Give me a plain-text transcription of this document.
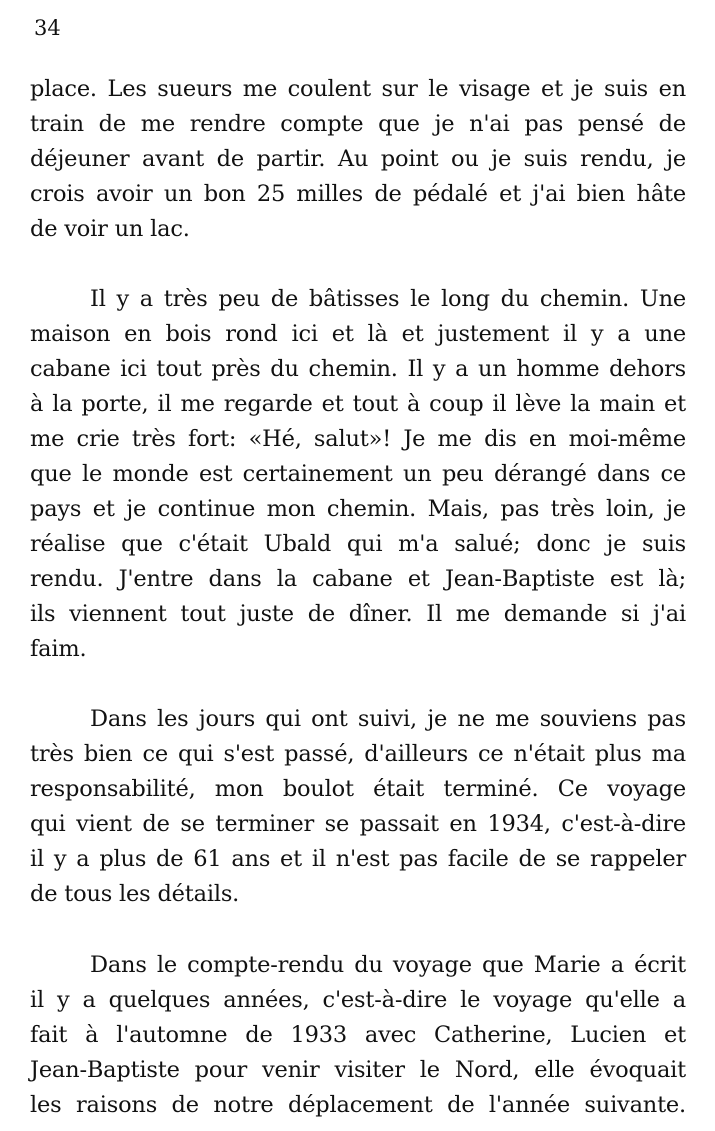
34
place. Les sueurs me coulent sur le visage et je suis en
train de me rendre compte que je n'ai pas pensé de
déjeuner avant de partir. Au point ou je suis rendu, je
crois avoir un bon 25 milles de pédalé et j'ai bien hâte
de voir un lac.
Il y a très peu de bâtisses le long du chemin. Une
maison en bois rond ici et là et justement il y a une
cabane ici tout près du chemin. Il y a un homme dehors
à la porte, il me regarde et tout à coup il lève la main et
me crie très fort: «Hé, salut»! Je me dis en moi-même
que le monde est certainement un peu dérangé dans ce
pays et je continue mon chemin. Mais, pas très loin, je
réalise que c'était Ubald qui m'a salué; donc je suis
rendu. J'entre dans la cabane et Jean-Baptiste est là;
ils viennent tout juste de dîner. Il me demande si j'ai
faim.
Dans les jours qui ont suivi, je ne me souviens pas
très bien ce qui s'est passé, d'ailleurs ce n'était plus ma
responsabilité, mon boulot était terminé. Ce voyage
qui vient de se terminer se passait en 1934, c'est-à-dire
il y a plus de 61 ans et il n'est pas facile de se rappeler
de tous les détails.
Dans le compte-rendu du voyage que Marie a écrit
il y a quelques années, c'est-à-dire le voyage qu'elle a
fait à l'automne de 1933 avec Catherine, Lucien et
Jean-Baptiste pour venir visiter le Nord, elle évoquait
les raisons de notre déplacement de l'année suivante.
